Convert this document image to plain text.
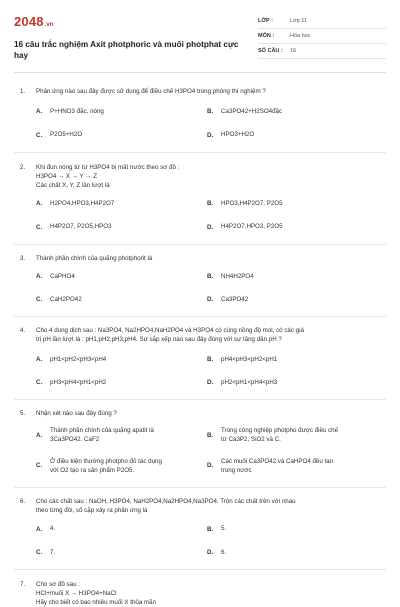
2048.vn
16 câu trắc nghiệm Axit photphoric và muối photphat cực hay
LỚP :	Lớp 11
MÔN :	Hóa học
SỐ CÂU :	16
1.	Phản ứng nào sau đây được sử dụng để điều chế H3PO4 trong phòng thí nghiệm ?
A.	P+HNO3 đặc, nóng	B.	Ca3PO42+H2SO4đặc
C.	P2O5+H2O	D.	HPO3+H2O
2.	Khi đun nóng từ từ H3PO4 bị mất nước theo sơ đồ :
H3PO4 → X → Y → Z
Các chất X, Y, Z lần lượt là
A.	H2PO4,HPO3,H4P2O7	B.	HPO3,H4P2O7, P2O5
C.	H4P2O7, P2O5,HPO3	D.	H4P2O7,HPO3, P2O5
3.	Thành phần chính của quặng photphorit là
A.	CaPHO4	B.	NH4H2PO4
C.	CaH2PO42	D.	Ca3PO42
4.	Cho 4 dung dịch sau : Na3PO4, Na2HPO4,NaH2PO4 và H3PO4 có cùng nồng độ mol, có các giá
trị pH lần lượt là : pH1,pH2,pH3,pH4. Sự sắp xếp nào sau đây đúng với sự tăng dần pH ?
A.	pH1<pH2<pH3<pH4	B.	pH4<pH3<pH2<pH1
C.	pH3<pH4<pH1<pH2	D.	pH2<pH1<pH4<pH3
5.	Nhận xét nào sau đây đúng ?
A.
Thành phần chính của quặng apatit là
3Ca3PO42. CaF2
B.
Trong công nghiệp photpho được điều chế
từ Ca3P2, SiO2 và C.
C.
Ở điều kiện thường photpho đỏ tác dụng
với O2 tạo ra sản phẩm P2O5.
D.
Các muối Ca3PO42 và CaHPO4 đều tan
trong nước
6.	Cho các chất sau : NaOH, H3PO4, NaH2PO4,Na2HPO4,Na3PO4. Trộn các chất trên với nhau
theo từng đôi, số cặp xảy ra phản ứng là
A.	4.	B.	5.
C.	7.	D.	6.
7.	Cho sơ đồ sau :
HCl+muối X → H3PO4+NaCl
Hãy cho biết có bao nhiêu muối X thỏa mãn
